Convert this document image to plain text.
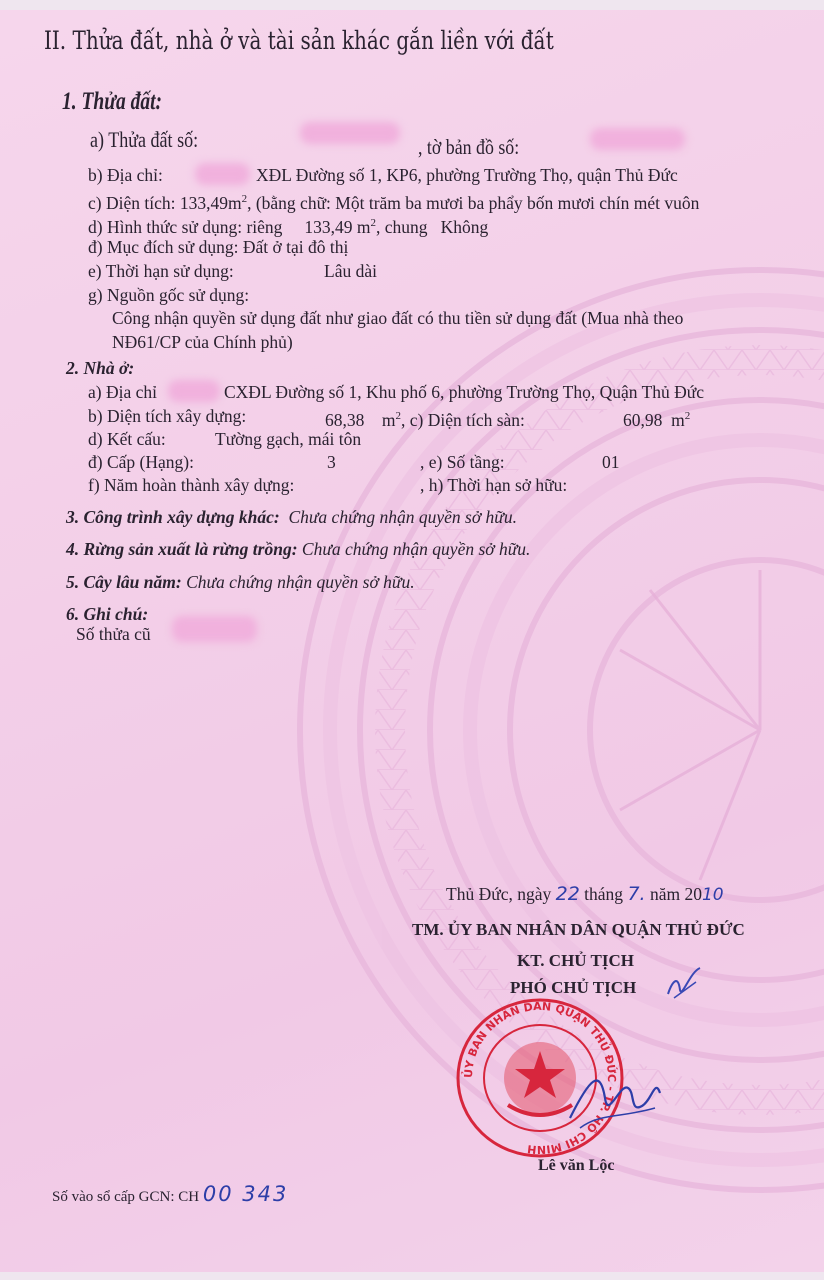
II. Thửa đất, nhà ở và tài sản khác gắn liền với đất
1. Thửa đất:
a) Thửa đất số:	, tờ bản đồ số:
b) Địa chỉ:	XĐL Đường số 1, KP6, phường Trường Thọ, quận Thủ Đức
c) Diện tích: $133,49m^2$, (bằng chữ: Một trăm ba mươi ba phẩy bốn mươi chín mét vuôn
d) Hình thức sử dụng: riêng 133,49 $m^2$, chung Không
đ) Mục đích sử dụng: Đất ở tại đô thị
e) Thời hạn sử dụng:	Lâu dài
g) Nguồn gốc sử dụng:
Công nhận quyền sử dụng đất như giao đất có thu tiền sử dụng đất (Mua nhà theo
NĐ61/CP của Chính phủ)
2. Nhà ở:
a) Địa chỉ	CXĐL Đường số 1, Khu phố 6, phường Trường Thọ, Quận Thủ Đức
b) Diện tích xây dựng:	68,38 $m^2$, c) Diện tích sàn:	60,98 $m^2$
d) Kết cấu:	Tường gạch, mái tôn
đ) Cấp (Hạng):	3	, e) Số tầng:	01
f) Năm hoàn thành xây dựng:	, h) Thời hạn sở hữu:
3. Công trình xây dựng khác: Chưa chứng nhận quyền sở hữu.
4. Rừng sản xuất là rừng trồng: Chưa chứng nhận quyền sở hữu.
5. Cây lâu năm: Chưa chứng nhận quyền sở hữu.
6. Ghi chú:
Số thửa cũ
Thủ Đức, ngày 22 tháng 7. năm 2010
TM. ỦY BAN NHÂN DÂN QUẬN THỦ ĐỨC
KT. CHỦ TỊCH
PHÓ CHỦ TỊCH
ỦY BAN NHÂN DÂN QUẬN THỦ ĐỨC - TP. HỒ CHÍ MINH
Lê văn Lộc
Số vào sổ cấp GCN: CH 00 343
